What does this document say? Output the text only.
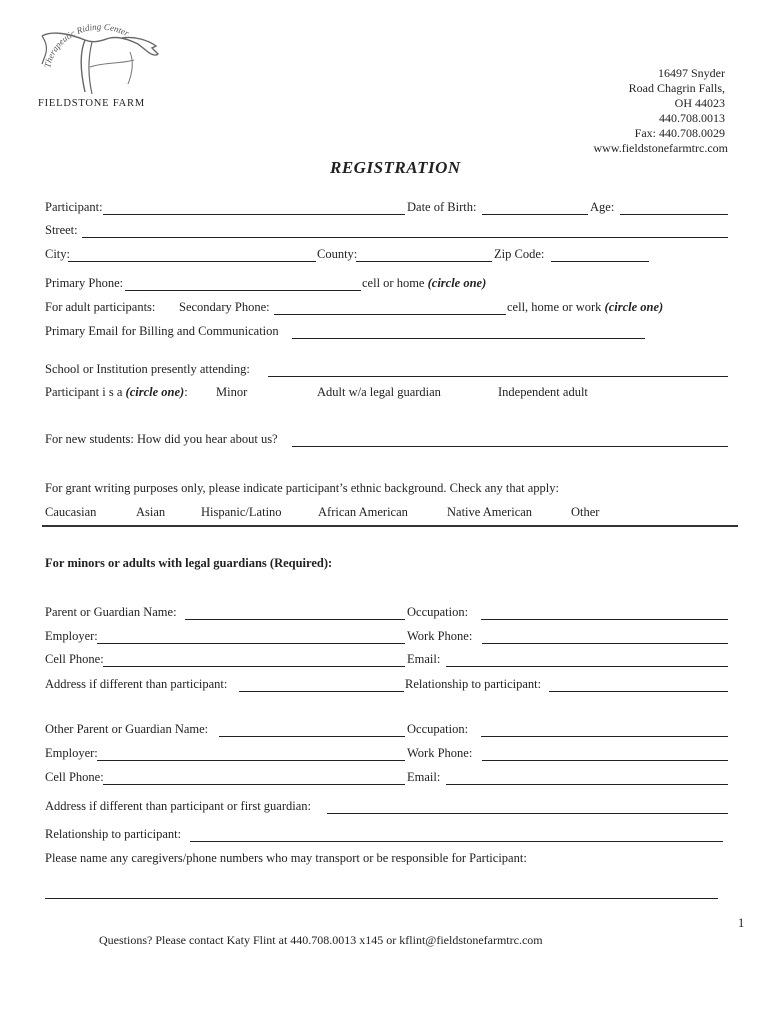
Therapeutic Riding Center
FIELDSTONE FARM
16497 Snyder
Road Chagrin Falls,
OH 44023
440.708.0013
Fax: 440.708.0029
www.fieldstonefarmtrc.com
REGISTRATION
Participant:	Date of Birth:	Age:
Street:
City:	County:	Zip Code:
Primary Phone:	cell or home (circle one)
For adult participants: Secondary Phone:	cell, home or work (circle one)
Primary Email for Billing and Communication
School or Institution presently attending:
Participant i s a (circle one): Minor	Adult w/a legal guardian	Independent adult
For new students: How did you hear about us?
For grant writing purposes only, please indicate participant’s ethnic background. Check any that apply:
Caucasian	Asian	Hispanic/Latino	African American	Native American	Other
For minors or adults with legal guardians (Required):
Parent or Guardian Name:	Occupation:
Employer:	Work Phone:
Cell Phone:	Email:
Address if different than participant:	Relationship to participant:
Other Parent or Guardian Name:	Occupation:
Employer:	Work Phone:
Cell Phone:	Email:
Address if different than participant or first guardian:
Relationship to participant:
Please name any caregivers/phone numbers who may transport or be responsible for Participant:
1
Questions? Please contact Katy Flint at 440.708.0013 x145 or kflint@fieldstonefarmtrc.com
